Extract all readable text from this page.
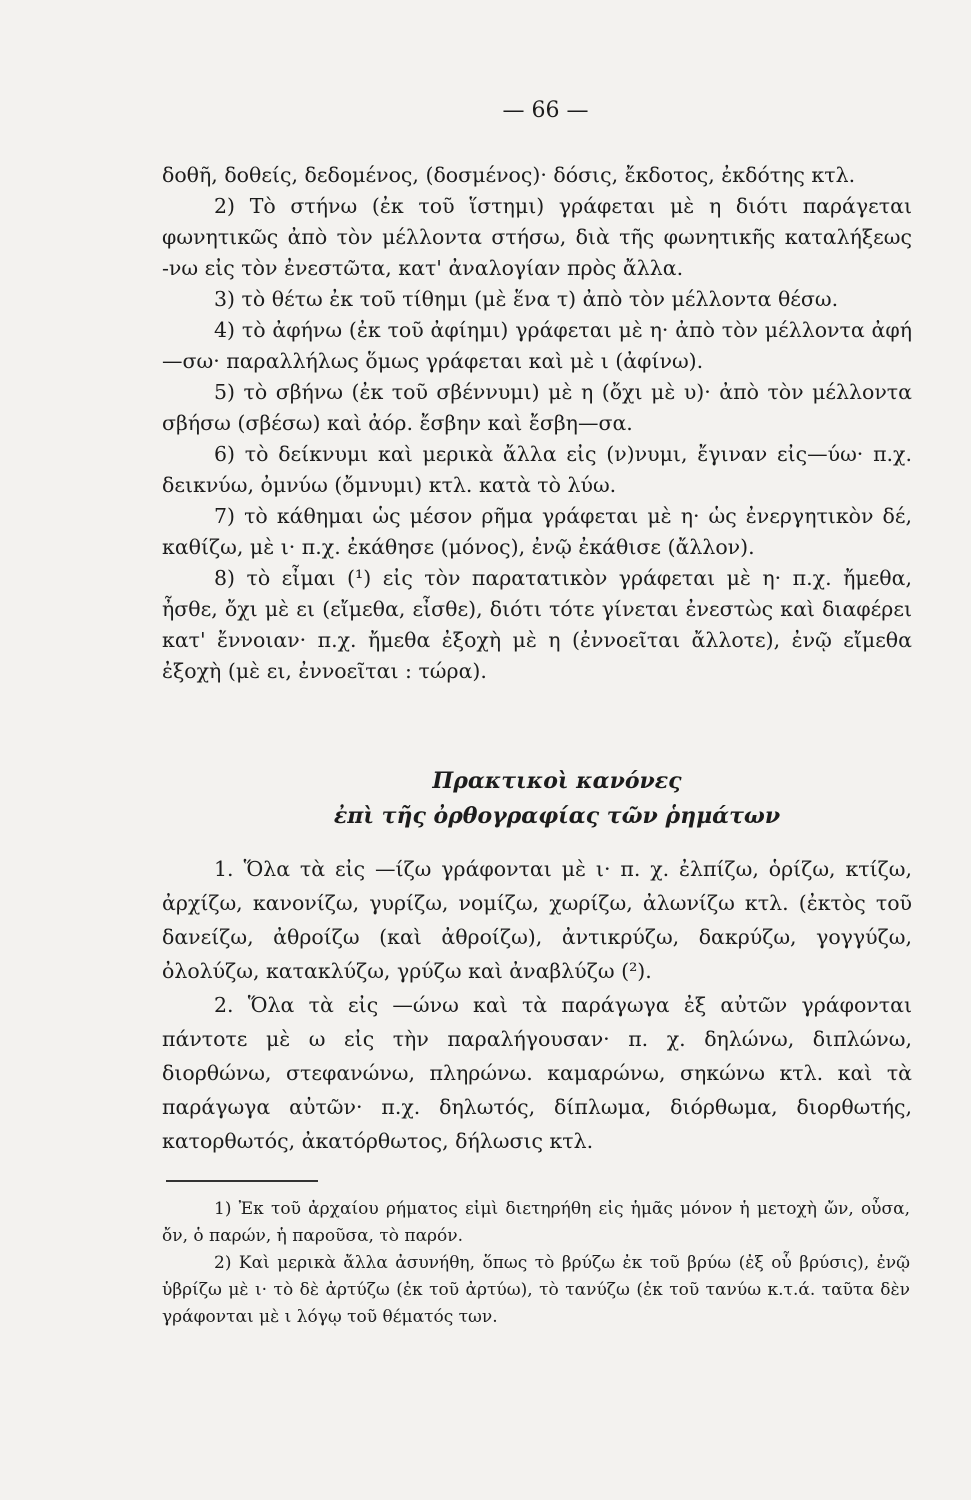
— 66 —

δοθῆ, δοθείς, δεδομένος, (δοσμένος)· δόσις, ἔκδοτος, ἐκδότης κτλ.

2) Τὸ στήνω (ἐκ τοῦ ἵστημι) γράφεται μὲ η διότι παράγεται φωνητικῶς ἀπὸ τὸν μέλλοντα στήσω, διὰ τῆς φωνητικῆς καταλήξεως -νω εἰς τὸν ἐνεστῶτα, κατ' ἀναλογίαν πρὸς ἄλλα.

3) τὸ θέτω ἐκ τοῦ τίθημι (μὲ ἕνα τ) ἀπὸ τὸν μέλλοντα θέσω.

4) τὸ ἀφήνω (ἐκ τοῦ ἀφίημι) γράφεται μὲ η· ἀπὸ τὸν μέλλοντα ἀφή—σω· παραλλήλως ὅμως γράφεται καὶ μὲ ι (ἀφίνω).

5) τὸ σβήνω (ἐκ τοῦ σβέννυμι) μὲ η (ὄχι μὲ υ)· ἀπὸ τὸν μέλλοντα σβήσω (σβέσω) καὶ ἀόρ. ἔσβην καὶ ἔσβη—σα.

6) τὸ δείκνυμι καὶ μερικὰ ἄλλα εἰς (ν)νυμι, ἔγιναν εἰς—ύω· π.χ. δεικνύω, ὀμνύω (ὄμνυμι) κτλ. κατὰ τὸ λύω.

7) τὸ κάθημαι ὡς μέσον ρῆμα γράφεται μὲ η· ὡς ἐνεργητικὸν δέ, καθίζω, μὲ ι· π.χ. ἐκάθησε (μόνος), ἐνῷ ἐκάθισε (ἄλλον).

8) τὸ εἶμαι (¹) εἰς τὸν παρατατικὸν γράφεται μὲ η· π.χ. ἤμεθα, ἦσθε, ὄχι μὲ ει (εἴμεθα, εἶσθε), διότι τότε γίνεται ἐνεστὼς καὶ διαφέρει κατ' ἔννοιαν· π.χ. ἤμεθα ἐξοχὴ μὲ η (ἐννοεῖται ἄλλοτε), ἐνῷ εἴμεθα ἐξοχὴ (μὲ ει, ἐννοεῖται : τώρα).

Πρακτικοὶ κανόνες
ἐπὶ τῆς ὀρθογραφίας τῶν ῥημάτων

1. Ὅλα τὰ εἰς —ίζω γράφονται μὲ ι· π. χ. ἐλπίζω, ὁρίζω, κτίζω, ἀρχίζω, κανονίζω, γυρίζω, νομίζω, χωρίζω, ἀλωνίζω κτλ. (ἐκτὸς τοῦ δανείζω, ἀθροίζω (καὶ ἀθροίζω), ἀντικρύζω, δακρύζω, γογγύζω, ὀλολύζω, κατακλύζω, γρύζω καὶ ἀναβλύζω (²).

2. Ὅλα τὰ εἰς —ώνω καὶ τὰ παράγωγα ἐξ αὐτῶν γράφονται πάντοτε μὲ ω εἰς τὴν παραλήγουσαν· π. χ. δηλώνω, διπλώνω, διορθώνω, στεφανώνω, πληρώνω. καμαρώνω, σηκώνω κτλ. καὶ τὰ παράγωγα αὐτῶν· π.χ. δηλωτός, δίπλωμα, διόρθωμα, διορθωτής, κατορθωτός, ἀκατόρθωτος, δήλωσις κτλ.

1) Ἐκ τοῦ ἀρχαίου ρήματος εἰμὶ διετηρήθη εἰς ἡμᾶς μόνον ἡ μετοχὴ ὤν, οὖσα, ὄν, ὁ παρών, ἡ παροῦσα, τὸ παρόν.

2) Καὶ μερικὰ ἄλλα ἀσυνήθη, ὅπως τὸ βρύζω ἐκ τοῦ βρύω (ἐξ οὗ βρύσις), ἐνῷ ὑβρίζω μὲ ι· τὸ δὲ ἀρτύζω (ἐκ τοῦ ἀρτύω), τὸ τανύζω (ἐκ τοῦ τανύω κ.τ.ά. ταῦτα δὲν γράφονται μὲ ι λόγῳ τοῦ θέματός των.
